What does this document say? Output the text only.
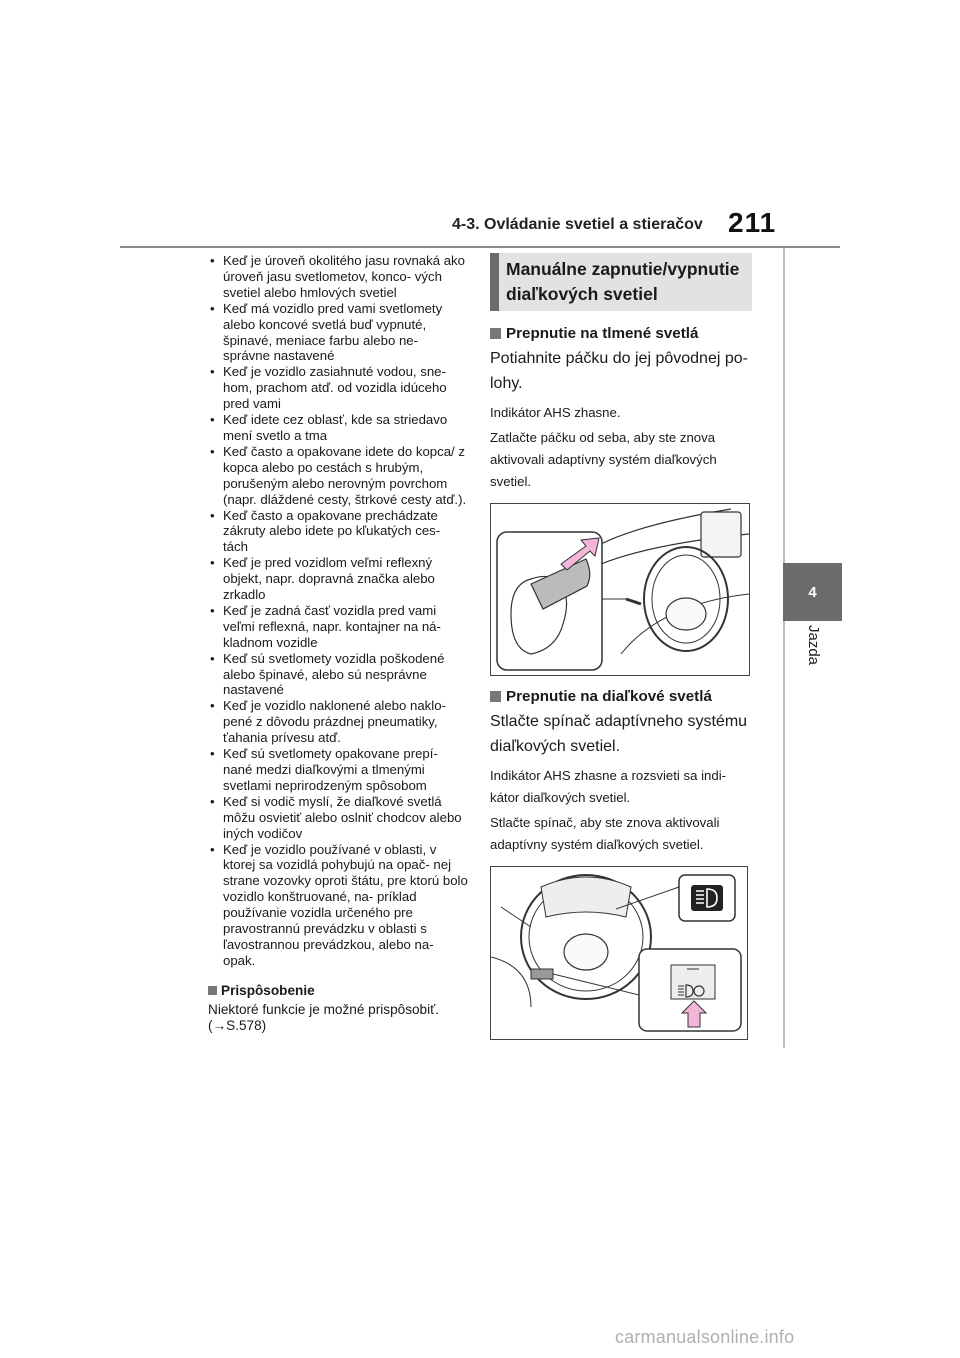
4-3. Ovládanie svetiel a stieračov 211
4
Jazda
• Keď je úroveň okolitého jasu rovnaká ako úroveň jasu svetlometov, konco- vých svetiel alebo hmlových svetiel
• Keď má vozidlo pred vami svetlomety alebo koncové svetlá buď vypnuté, špinavé, meniace farbu alebo ne- správne nastavené
• Keď je vozidlo zasiahnuté vodou, sne- hom, prachom atď. od vozidla idúceho pred vami
• Keď idete cez oblasť, kde sa striedavo mení svetlo a tma
• Keď často a opakovane idete do kopca/ z kopca alebo po cestách s hrubým, porušeným alebo nerovným povrchom (napr. dláždené cesty, štrkové cesty atď.).
• Keď často a opakovane prechádzate zákruty alebo idete po kľukatých ces- tách
• Keď je pred vozidlom veľmi reflexný objekt, napr. dopravná značka alebo zrkadlo
• Keď je zadná časť vozidla pred vami veľmi reflexná, napr. kontajner na ná- kladnom vozidle
• Keď sú svetlomety vozidla poškodené alebo špinavé, alebo sú nesprávne nastavené
• Keď je vozidlo naklonené alebo naklo- pené z dôvodu prázdnej pneumatiky, ťahania prívesu atď.
• Keď sú svetlomety opakovane prepí- nané medzi diaľkovými a tlmenými svetlami neprirodzeným spôsobom
• Keď si vodič myslí, že diaľkové svetlá môžu osvietiť alebo oslniť chodcov alebo iných vodičov
• Keď je vozidlo používané v oblasti, v ktorej sa vozidlá pohybujú na opač- nej strane vozovky oproti štátu, pre ktorú bolo vozidlo konštruované, na- príklad používanie vozidla určeného pre pravostrannú prevádzku v oblasti s ľavostrannou prevádzkou, alebo na- opak.
Prispôsobenie
Niektoré funkcie je možné prispôsobiť. (→S.578)
Manuálne zapnutie/vypnutie
diaľkových svetiel
Prepnutie na tlmené svetlá
Potiahnite páčku do jej pôvodnej po- lohy.
Indikátor AHS zhasne.
Zatlačte páčku od seba, aby ste znova aktivovali adaptívny systém diaľkových svetiel.
Prepnutie na diaľkové svetlá
Stlačte spínač adaptívneho systému diaľkových svetiel.
Indikátor AHS zhasne a rozsvieti sa indi- kátor diaľkových svetiel.
Stlačte spínač, aby ste znova aktivovali adaptívny systém diaľkových svetiel.
carmanualsonline.info
